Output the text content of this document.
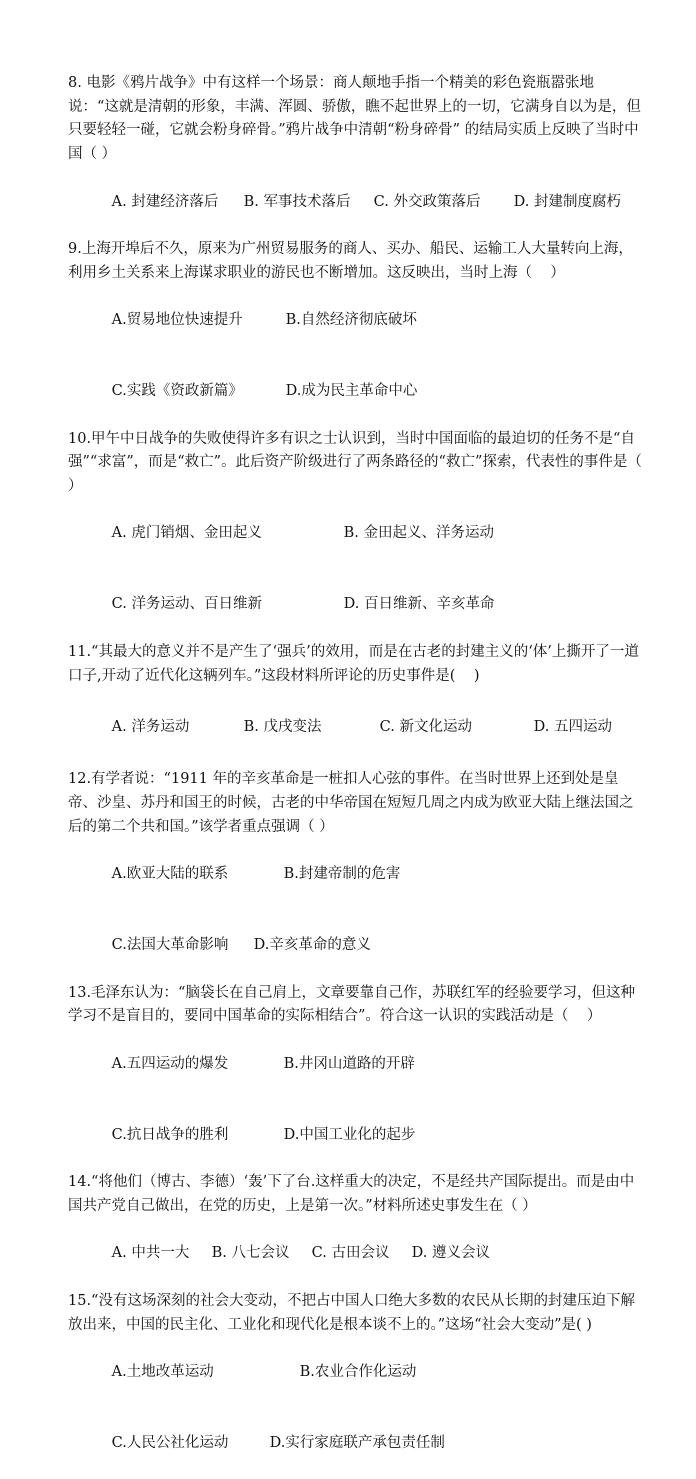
8. 电影《鸦片战争》中有这样一个场景：商人颠地手指一个精美的彩色瓷瓶嚣张地说：“这就是清朝的形象，丰满、浑圆、骄傲，瞧不起世界上的一切，它满身自以为是，但只要轻轻一碰，它就会粉身碎骨。”鸦片战争中清朝“粉身碎骨” 的结局实质上反映了当时中国（ ）

A. 封建经济落后 B. 军事技术落后 C. 外交政策落后 D. 封建制度腐朽

9.上海开埠后不久，原来为广州贸易服务的商人、买办、船民、运输工人大量转向上海，利用乡土关系来上海谋求职业的游民也不断增加。这反映出，当时上海（    ）

A.贸易地位快速提升	B.自然经济彻底破坏

C.实践《资政新篇》	D.成为民主革命中心

10.甲午中日战争的失败使得许多有识之士认识到，当时中国面临的最迫切的任务不是“自强”“求富”，而是“救亡”。此后资产阶级进行了两条路径的“救亡”探索，代表性的事件是（      ）

A. 虎门销烟、金田起义	B. 金田起义、洋务运动

C. 洋务运动、百日维新	D. 百日维新、辛亥革命

11.“其最大的意义并不是产生了‘强兵’的效用，而是在古老的封建主义的‘体’上撕开了一道口子,开动了近代化这辆列车。”这段材料所评论的历史事件是(    )

A. 洋务运动	B. 戊戌变法	C. 新文化运动	D. 五四运动

12.有学者说：“1911 年的辛亥革命是一桩扣人心弦的事件。在当时世界上还到处是皇帝、沙皇、苏丹和国王的时候，古老的中华帝国在短短几周之内成为欧亚大陆上继法国之后的第二个共和国。”该学者重点强调（ ）

A.欧亚大陆的联系	B.封建帝制的危害

C.法国大革命影响 D.辛亥革命的意义

13.毛泽东认为：“脑袋长在自己肩上，文章要靠自己作，苏联红军的经验要学习，但这种学习不是盲目的，要同中国革命的实际相结合”。符合这一认识的实践活动是（    ）

A.五四运动的爆发	B.井冈山道路的开辟

C.抗日战争的胜利	D.中国工业化的起步

14.“将他们（博古、李德）‘轰’下了台.这样重大的决定，不是经共产国际提出。而是由中国共产党自己做出，在党的历史，上是第一次。”材料所述史事发生在（ ）

A. 中共一大 B. 八七会议 C. 古田会议 D. 遵义会议

15.“没有这场深刻的社会大变动，不把占中国人口绝大多数的农民从长期的封建压迫下解放出来，中国的民主化、工业化和现代化是根本谈不上的。”这场“社会大变动”是( )

A.土地改革运动	B.农业合作化运动

C.人民公社化运动	D.实行家庭联产承包责任制
